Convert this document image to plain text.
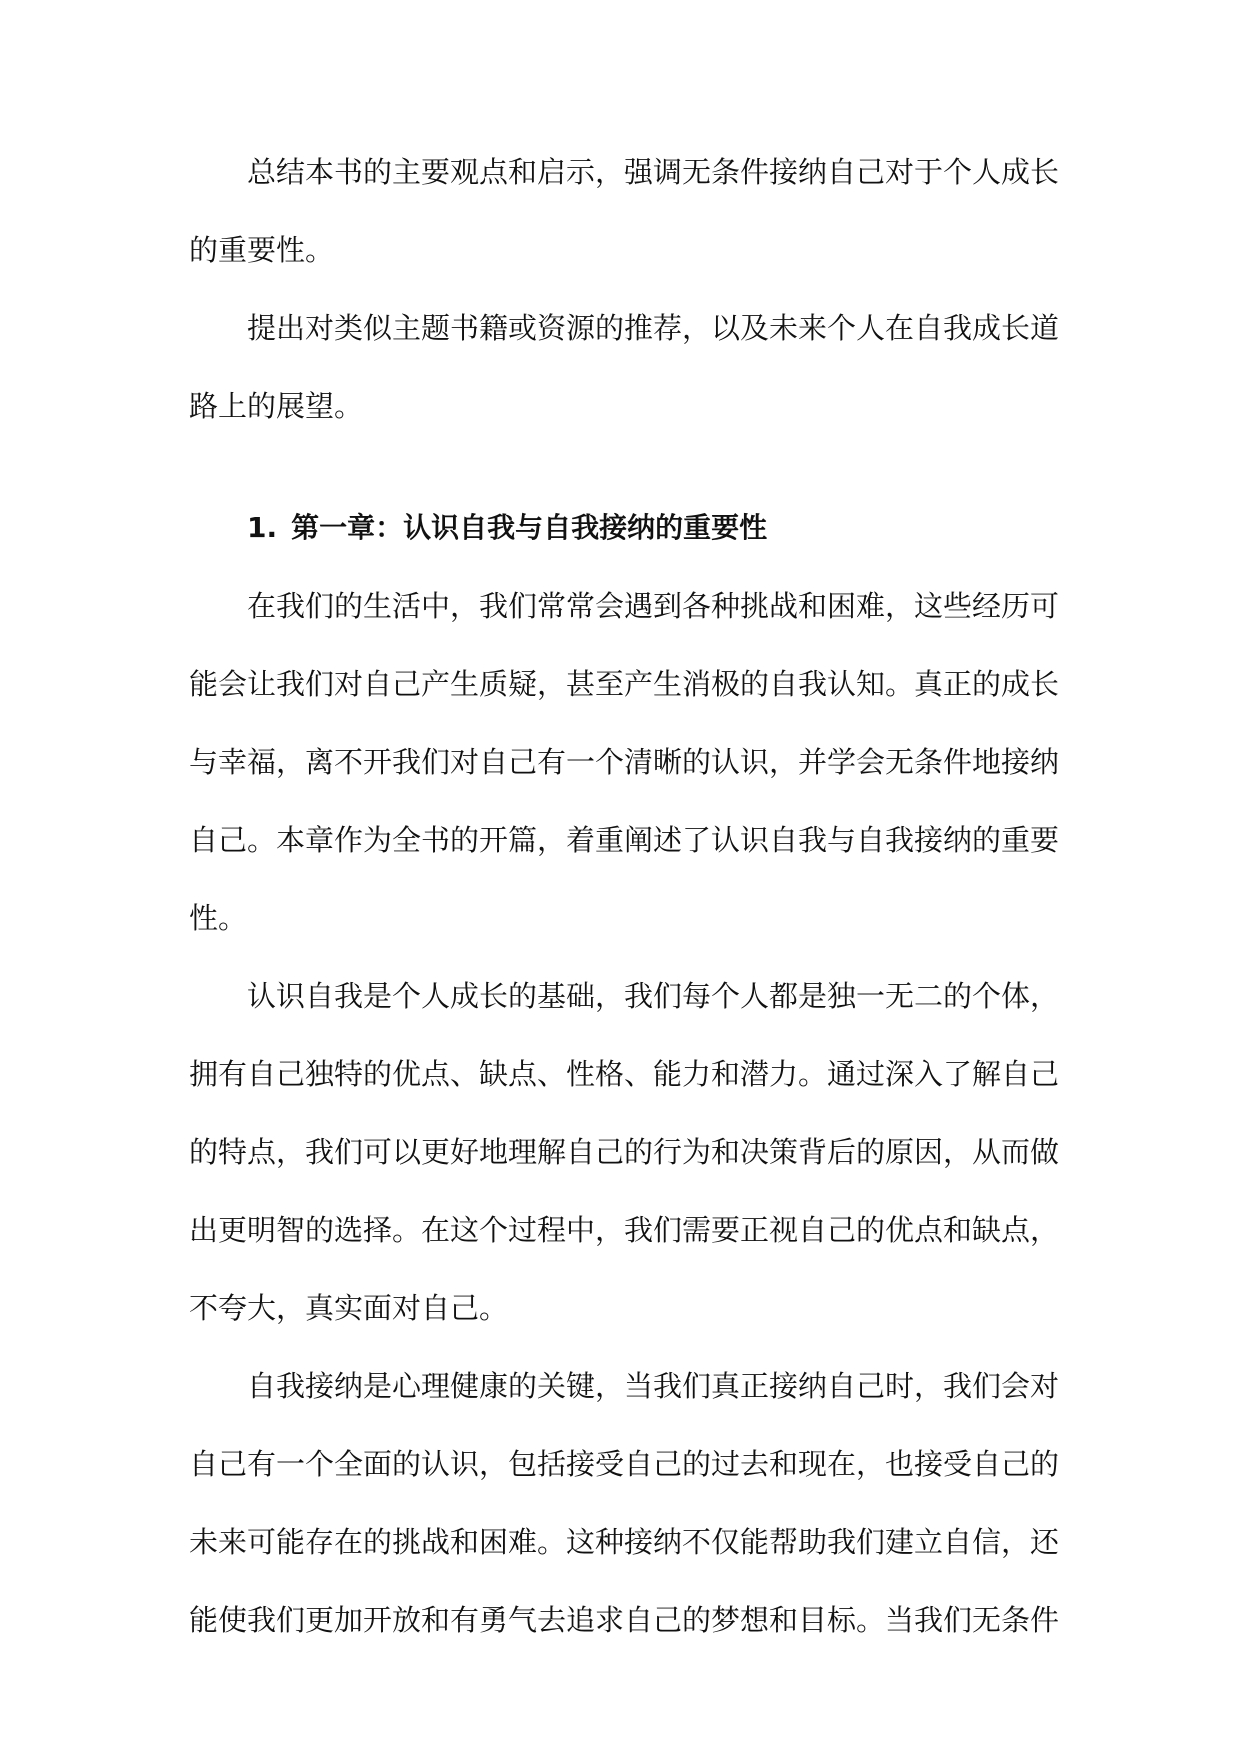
总结本书的主要观点和启示，强调无条件接纳自己对于个人成长的重要性。

提出对类似主题书籍或资源的推荐，以及未来个人在自我成长道路上的展望。

1. 第一章：认识自我与自我接纳的重要性

在我们的生活中，我们常常会遇到各种挑战和困难，这些经历可能会让我们对自己产生质疑，甚至产生消极的自我认知。真正的成长与幸福，离不开我们对自己有一个清晰的认识，并学会无条件地接纳自己。本章作为全书的开篇，着重阐述了认识自我与自我接纳的重要性。

认识自我是个人成长的基础，我们每个人都是独一无二的个体，拥有自己独特的优点、缺点、性格、能力和潜力。通过深入了解自己的特点，我们可以更好地理解自己的行为和决策背后的原因，从而做出更明智的选择。在这个过程中，我们需要正视自己的优点和缺点，不夸大，真实面对自己。

自我接纳是心理健康的关键，当我们真正接纳自己时，我们会对自己有一个全面的认识，包括接受自己的过去和现在，也接受自己的未来可能存在的挑战和困难。这种接纳不仅能帮助我们建立自信，还能使我们更加开放和有勇气去追求自己的梦想和目标。当我们无条件
